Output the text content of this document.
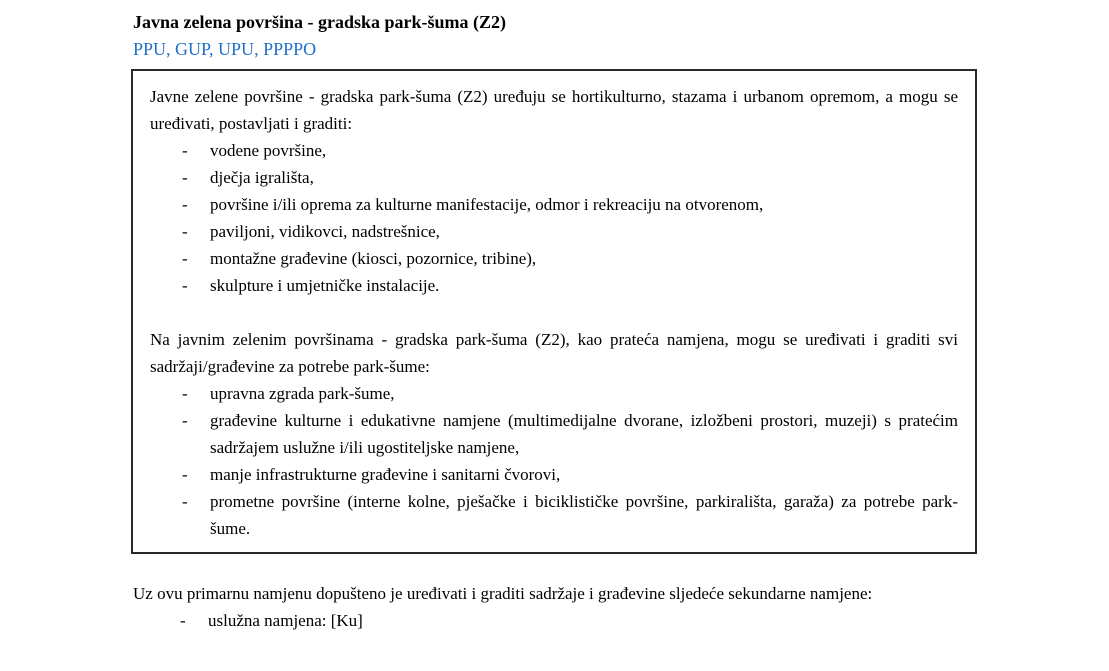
Javna zelena površina - gradska park-šuma (Z2)
PPU, GUP, UPU, PPPPO

Javne zelene površine - gradska park-šuma (Z2) uređuju se hortikulturno, stazama i urbanom opremom, a mogu se uređivati, postavljati i graditi:

- vodene površine,
- dječja igrališta,
- površine i/ili oprema za kulturne manifestacije, odmor i rekreaciju na otvorenom,
- paviljoni, vidikovci, nadstrešnice,
- montažne građevine (kiosci, pozornice, tribine),
- skulpture i umjetničke instalacije.

Na javnim zelenim površinama - gradska park-šuma (Z2), kao prateća namjena, mogu se uređivati i graditi svi sadržaji/građevine za potrebe park-šume:

- upravna zgrada park-šume,
- građevine kulturne i edukativne namjene (multimedijalne dvorane, izložbeni prostori, muzeji) s pratećim sadržajem uslužne i/ili ugostiteljske namjene,
- manje infrastrukturne građevine i sanitarni čvorovi,
- prometne površine (interne kolne, pješačke i biciklističke površine, parkirališta, garaža) za potrebe park-šume.

Uz ovu primarnu namjenu dopušteno je uređivati i graditi sadržaje i građevine sljedeće sekundarne namjene:

- uslužna namjena: [Ku]
